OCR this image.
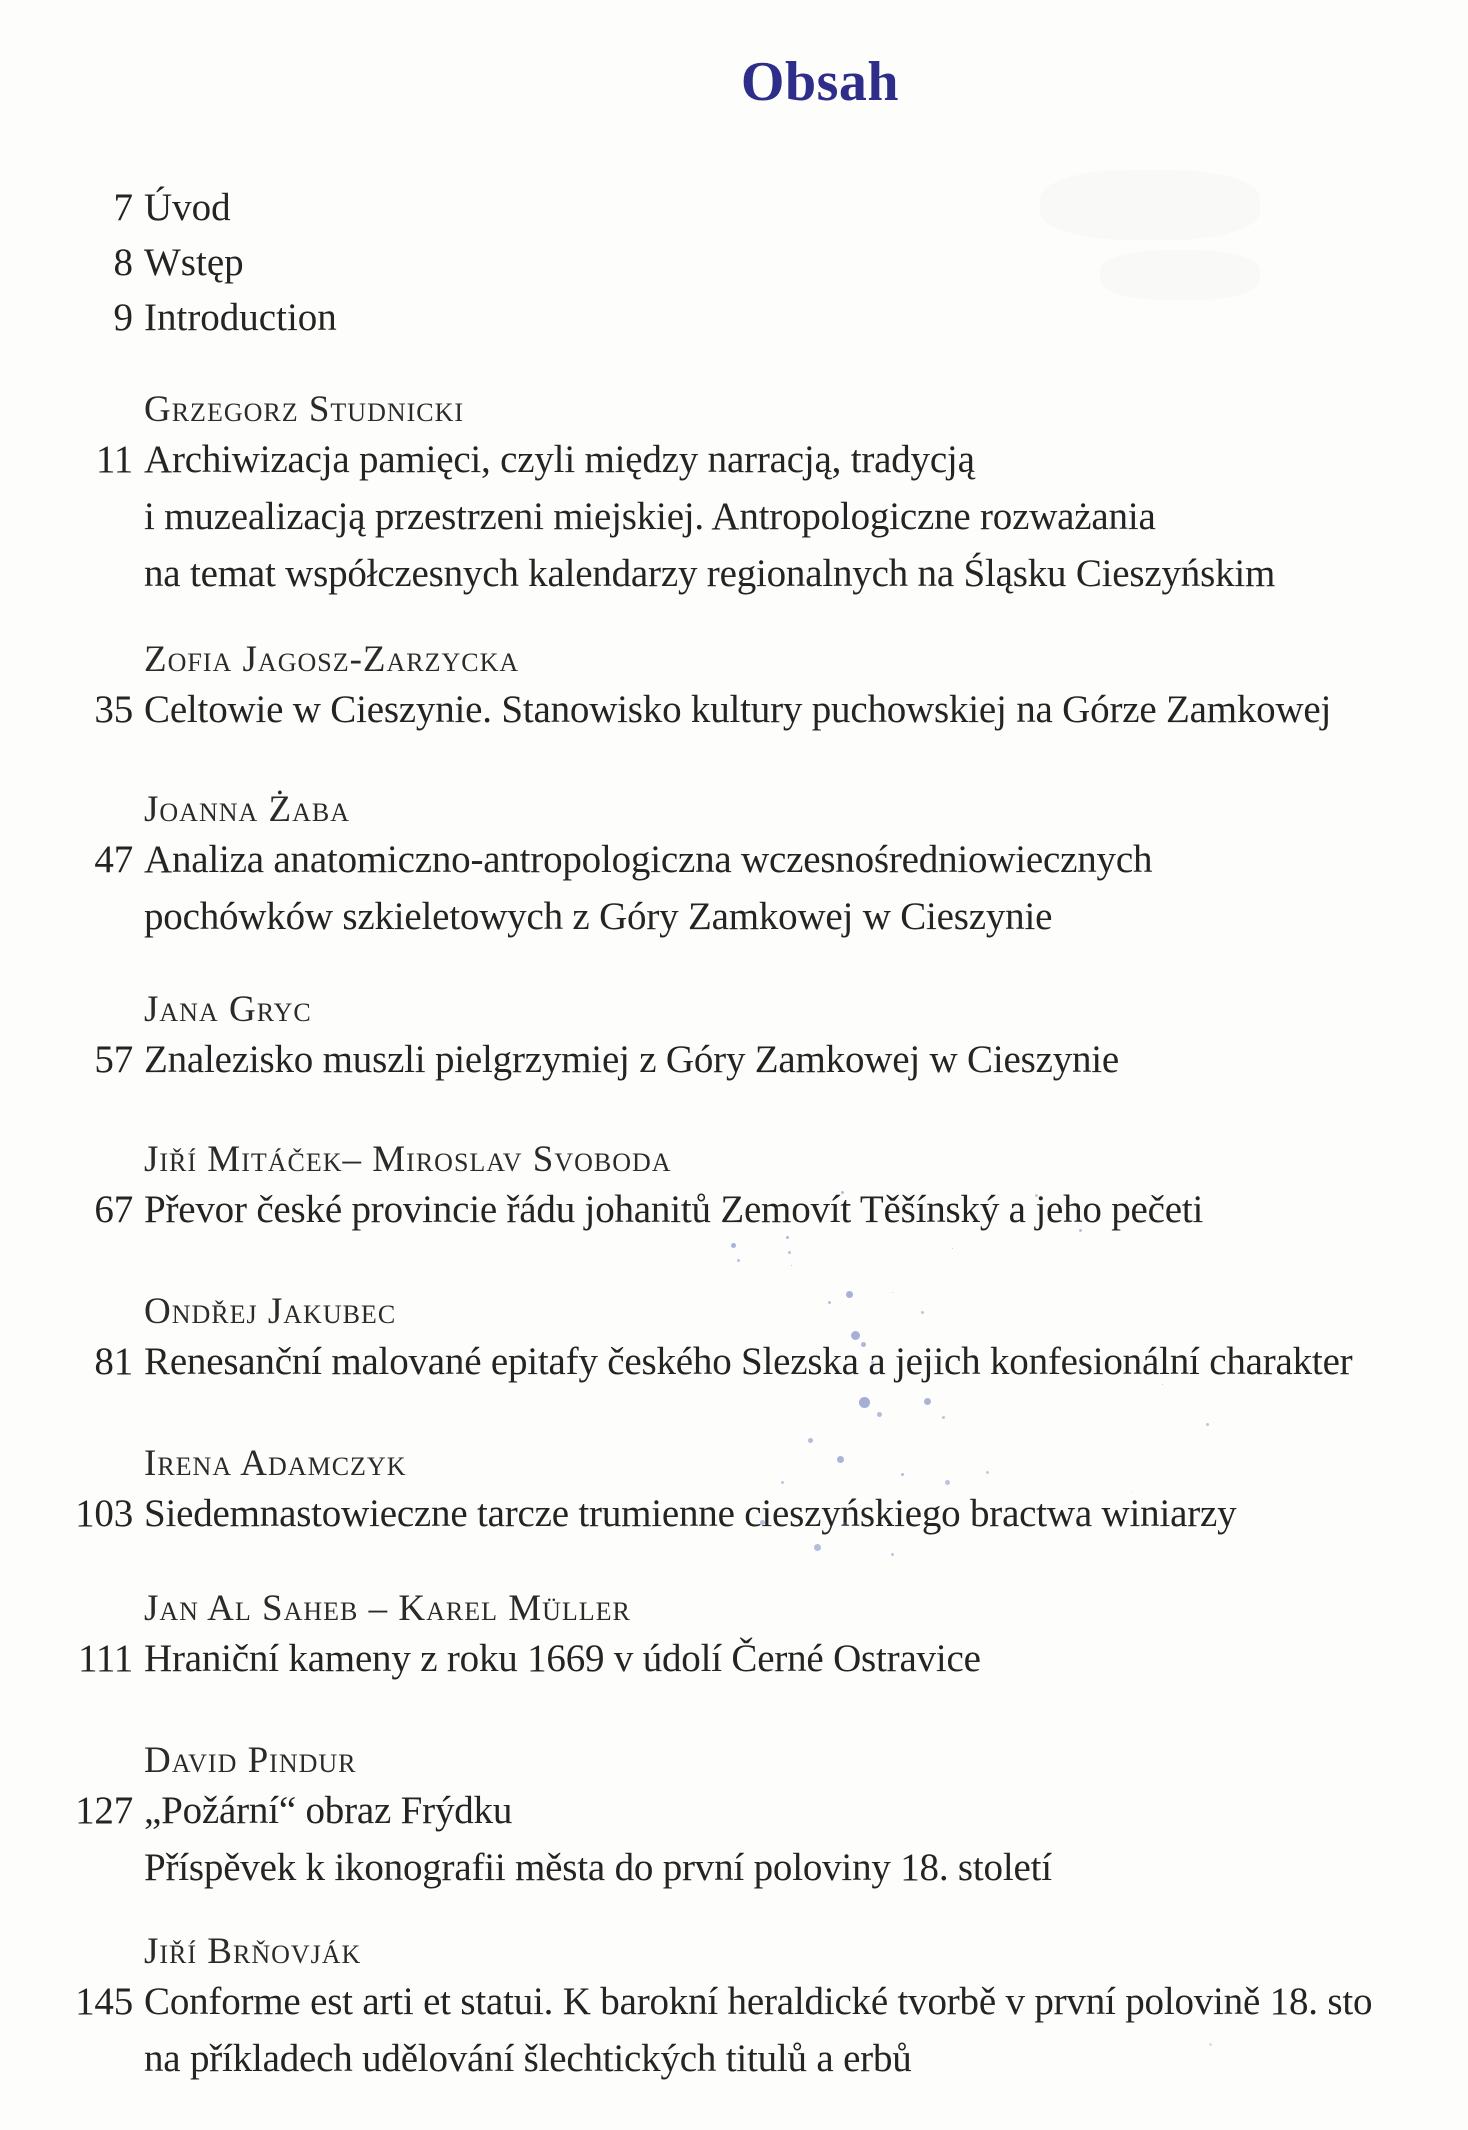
Obsah
7 Úvod
8 Wstęp
9 Introduction
Grzegorz Studnicki
11 Archiwizacja pamięci, czyli między narracją, tradycją
i muzealizacją przestrzeni miejskiej. Antropologiczne rozważania
na temat współczesnych kalendarzy regionalnych na Śląsku Cieszyńskim
Zofia Jagosz-Zarzycka
35 Celtowie w Cieszynie. Stanowisko kultury puchowskiej na Górze Zamkowej
Joanna Żaba
47 Analiza anatomiczno-antropologiczna wczesnośredniowiecznych
pochówków szkieletowych z Góry Zamkowej w Cieszynie
Jana Gryc
57 Znalezisko muszli pielgrzymiej z Góry Zamkowej w Cieszynie
Jiří Mitáček– Miroslav Svoboda
67 Převor české provincie řádu johanitů Zemovít Těšínský a jeho pečeti
Ondřej Jakubec
81 Renesanční malované epitafy českého Slezska a jejich konfesionální charakter
Irena Adamczyk
103 Siedemnastowieczne tarcze trumienne cieszyńskiego bractwa winiarzy
Jan Al Saheb – Karel Müller
111 Hraniční kameny z roku 1669 v údolí Černé Ostravice
David Pindur
127 „Požární“ obraz Frýdku
Příspěvek k ikonografii města do první poloviny 18. století
Jiří Brňovják
145 Conforme est arti et statui. K barokní heraldické tvorbě v první polovině 18. sto
na příkladech udělování šlechtických titulů a erbů
